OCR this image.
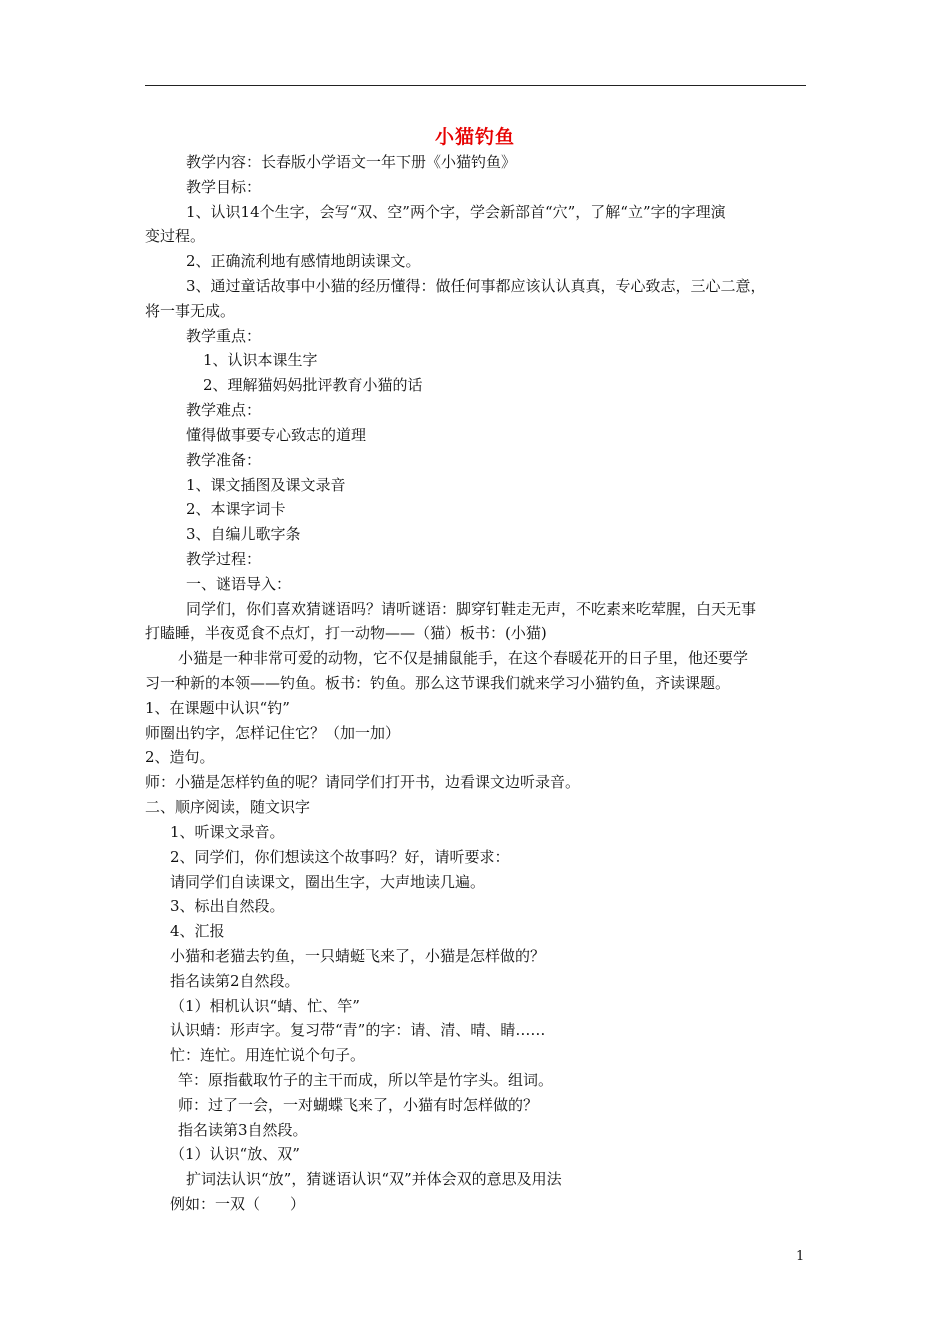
小猫钓鱼
教学内容：长春版小学语文一年下册《小猫钓鱼》
教学目标：
1、认识14个生字，会写“双、空”两个字，学会新部首“穴”，了解“立”字的字理演
变过程。
2、正确流利地有感情地朗读课文。
3、通过童话故事中小猫的经历懂得：做任何事都应该认认真真，专心致志，三心二意，
将一事无成。
教学重点：
1、认识本课生字
2、理解猫妈妈批评教育小猫的话
教学难点：
懂得做事要专心致志的道理
教学准备：
1、课文插图及课文录音
2、本课字词卡
3、自编儿歌字条
教学过程：
一、谜语导入：
同学们，你们喜欢猜谜语吗？请听谜语：脚穿钉鞋走无声，不吃素来吃荤腥，白天无事
打瞌睡，半夜觅食不点灯，打一动物——（猫）板书：(小猫)
小猫是一种非常可爱的动物，它不仅是捕鼠能手，在这个春暖花开的日子里，他还要学
习一种新的本领——钓鱼。板书：钓鱼。那么这节课我们就来学习小猫钓鱼，齐读课题。
1、在课题中认识“钓”
师圈出钓字，怎样记住它？（加一加）
2、造句。
师：小猫是怎样钓鱼的呢？请同学们打开书，边看课文边听录音。
二、顺序阅读，随文识字
1、听课文录音。
2、同学们，你们想读这个故事吗？好，请听要求：
请同学们自读课文，圈出生字，大声地读几遍。
3、标出自然段。
4、汇报
小猫和老猫去钓鱼，一只蜻蜓飞来了，小猫是怎样做的？
指名读第2自然段。
（1）相机认识“蜻、忙、竿”
认识蜻：形声字。复习带“青”的字：请、清、晴、睛……
忙：连忙。用连忙说个句子。
竿：原指截取竹子的主干而成，所以竿是竹字头。组词。
师：过了一会，一对蝴蝶飞来了，小猫有时怎样做的？
指名读第3自然段。
（1）认识“放、双”
扩词法认识“放”，猜谜语认识“双”并体会双的意思及用法
例如：一双（　　）
1
